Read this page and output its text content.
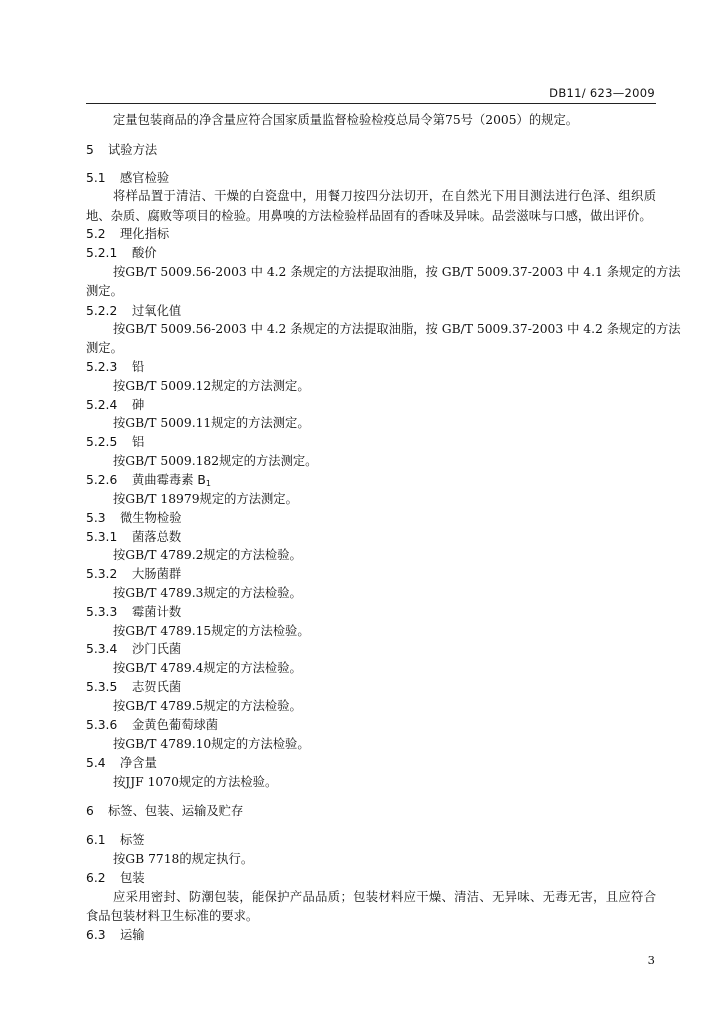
DB11/ 623—2009
定量包装商品的净含量应符合国家质量监督检验检疫总局令第75号（2005）的规定。
5 试验方法
5.1 感官检验
将样品置于清洁、干燥的白瓷盘中，用餐刀按四分法切开，在自然光下用目测法进行色泽、组织质
地、杂质、腐败等项目的检验。用鼻嗅的方法检验样品固有的香味及异味。品尝滋味与口感，做出评价。
5.2 理化指标
5.2.1 酸价
按GB/T 5009.56-2003 中 4.2 条规定的方法提取油脂，按 GB/T 5009.37-2003 中 4.1 条规定的方法
测定。
5.2.2 过氧化值
按GB/T 5009.56-2003 中 4.2 条规定的方法提取油脂，按 GB/T 5009.37-2003 中 4.2 条规定的方法
测定。
5.2.3 铅
按GB/T 5009.12规定的方法测定。
5.2.4 砷
按GB/T 5009.11规定的方法测定。
5.2.5 铝
按GB/T 5009.182规定的方法测定。
5.2.6 黄曲霉毒素 $B_1$
按GB/T 18979规定的方法测定。
5.3 微生物检验
5.3.1 菌落总数
按GB/T 4789.2规定的方法检验。
5.3.2 大肠菌群
按GB/T 4789.3规定的方法检验。
5.3.3 霉菌计数
按GB/T 4789.15规定的方法检验。
5.3.4 沙门氏菌
按GB/T 4789.4规定的方法检验。
5.3.5 志贺氏菌
按GB/T 4789.5规定的方法检验。
5.3.6 金黄色葡萄球菌
按GB/T 4789.10规定的方法检验。
5.4 净含量
按JJF 1070规定的方法检验。
6 标签、包装、运输及贮存
6.1 标签
按GB 7718的规定执行。
6.2 包装
应采用密封、防潮包装，能保护产品品质；包装材料应干燥、清洁、无异味、无毒无害，且应符合
食品包装材料卫生标准的要求。
6.3 运输
3
